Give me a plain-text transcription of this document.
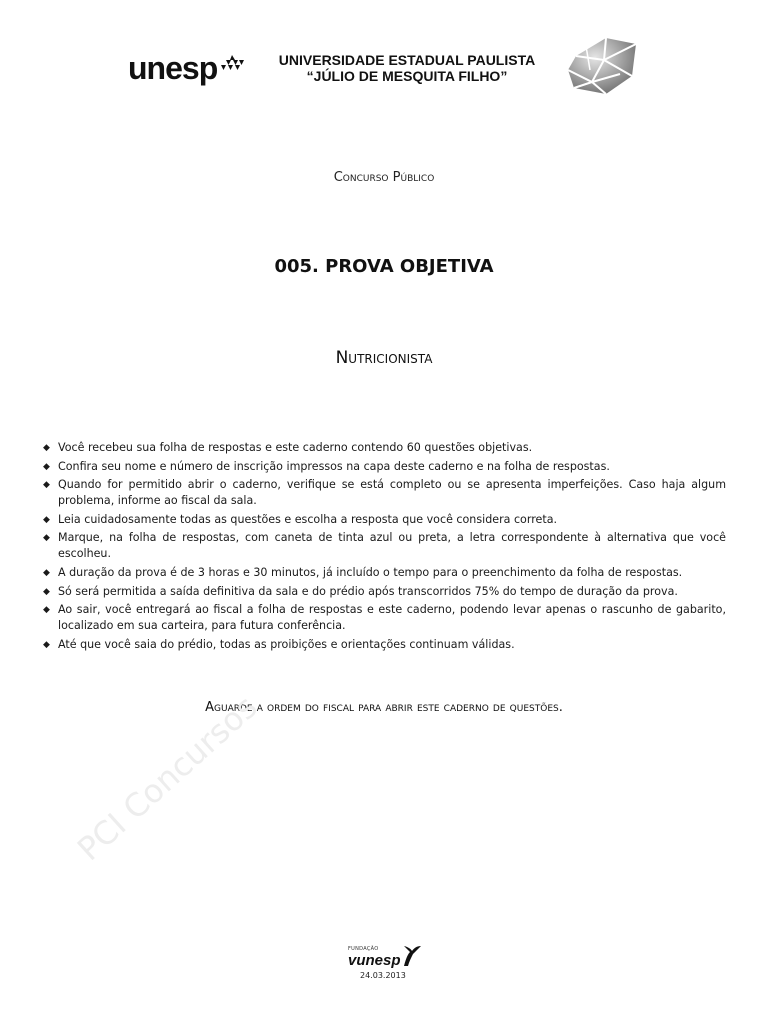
unesp	UNIVERSIDADE ESTADUAL PAULISTA
“JÚLIO DE MESQUITA FILHO”
Concurso Público
005. PROVA OBJETIVA
Nutricionista
◆ Você recebeu sua folha de respostas e este caderno contendo 60 questões objetivas.
◆ Confira seu nome e número de inscrição impressos na capa deste caderno e na folha de respostas.
◆ Quando for permitido abrir o caderno, verifique se está completo ou se apresenta imperfeições. Caso haja algum problema, informe ao fiscal da sala.
◆ Leia cuidadosamente todas as questões e escolha a resposta que você considera correta.
◆ Marque, na folha de respostas, com caneta de tinta azul ou preta, a letra correspondente à alternativa que você escolheu.
◆ A duração da prova é de 3 horas e 30 minutos, já incluído o tempo para o preenchimento da folha de respostas.
◆ Só será permitida a saída definitiva da sala e do prédio após transcorridos 75% do tempo de duração da prova.
◆ Ao sair, você entregará ao fiscal a folha de respostas e este caderno, podendo levar apenas o rascunho de gabarito, localizado em sua carteira, para futura conferência.
◆ Até que você saia do prédio, todas as proibições e orientações continuam válidas.
Aguarde a ordem do fiscal para abrir este caderno de questões.
PCI Concursos
FUNDAÇÃO
vunesp
24.03.2013
